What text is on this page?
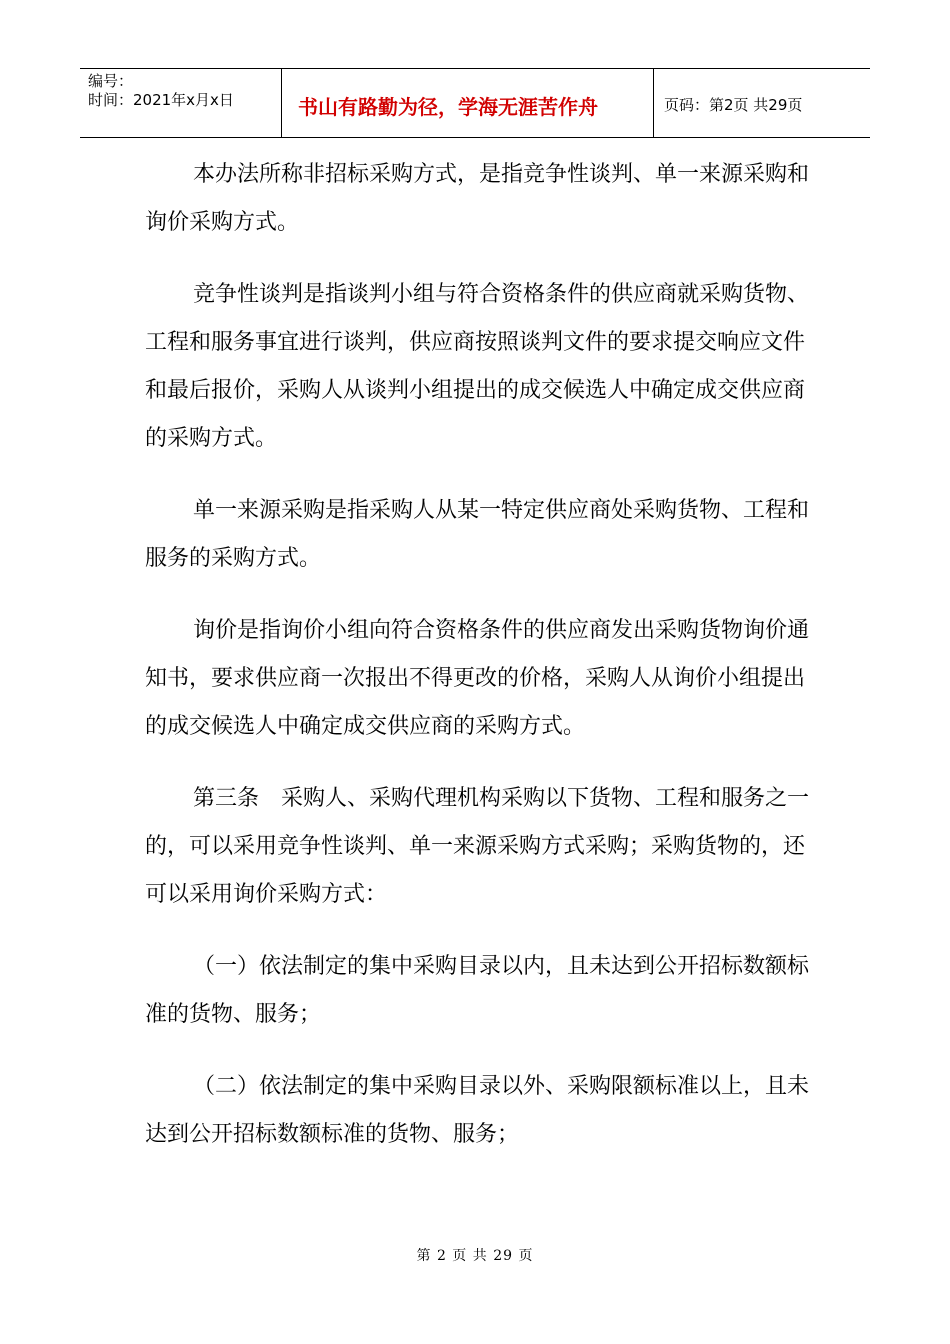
编号：
时间：2021年x月x日	书山有路勤为径，学海无涯苦作舟	页码：第2页 共29页

本办法所称非招标采购方式，是指竞争性谈判、单一来源采购和询价采购方式。

竞争性谈判是指谈判小组与符合资格条件的供应商就采购货物、工程和服务事宜进行谈判，供应商按照谈判文件的要求提交响应文件和最后报价，采购人从谈判小组提出的成交候选人中确定成交供应商的采购方式。

单一来源采购是指采购人从某一特定供应商处采购货物、工程和服务的采购方式。

询价是指询价小组向符合资格条件的供应商发出采购货物询价通知书，要求供应商一次报出不得更改的价格，采购人从询价小组提出的成交候选人中确定成交供应商的采购方式。

第三条　采购人、采购代理机构采购以下货物、工程和服务之一的，可以采用竞争性谈判、单一来源采购方式采购；采购货物的，还可以采用询价采购方式：

（一）依法制定的集中采购目录以内，且未达到公开招标数额标准的货物、服务；

（二）依法制定的集中采购目录以外、采购限额标准以上，且未达到公开招标数额标准的货物、服务；

第 2 页 共 29 页
